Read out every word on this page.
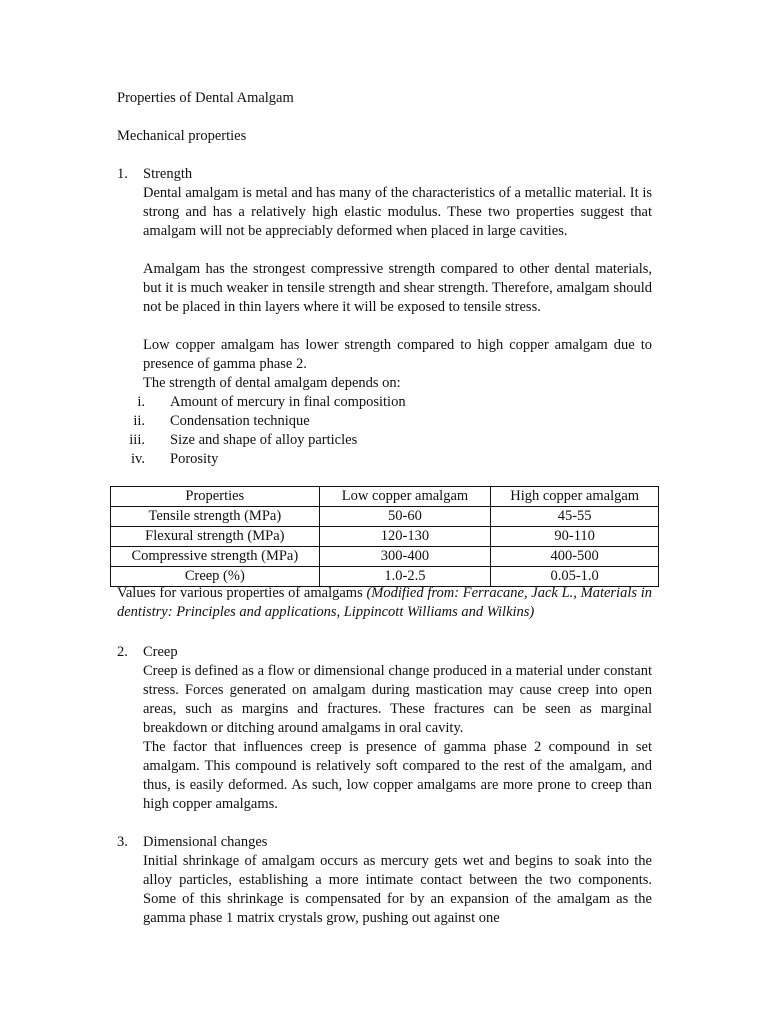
Properties of Dental Amalgam
Mechanical properties
1. Strength

Dental amalgam is metal and has many of the characteristics of a metallic material. It is strong and has a relatively high elastic modulus. These two properties suggest that amalgam will not be appreciably deformed when placed in large cavities.

Amalgam has the strongest compressive strength compared to other dental materials, but it is much weaker in tensile strength and shear strength. Therefore, amalgam should not be placed in thin layers where it will be exposed to tensile stress.

Low copper amalgam has lower strength compared to high copper amalgam due to presence of gamma phase 2.

The strength of dental amalgam depends on:

i. Amount of mercury in final composition
ii. Condensation technique
iii. Size and shape of alloy particles
iv. Porosity
Properties	Low copper amalgam	High copper amalgam
Tensile strength (MPa)	50-60	45-55
Flexural strength (MPa)	120-130	90-110
Compressive strength (MPa)	300-400	400-500
Creep (%)	1.0-2.5	0.05-1.0

Values for various properties of amalgams (Modified from: Ferracane, Jack L., Materials in dentistry: Principles and applications, Lippincott Williams and Wilkins)

2. Creep

Creep is defined as a flow or dimensional change produced in a material under constant stress. Forces generated on amalgam during mastication may cause creep into open areas, such as margins and fractures. These fractures can be seen as marginal breakdown or ditching around amalgams in oral cavity.

The factor that influences creep is presence of gamma phase 2 compound in set amalgam. This compound is relatively soft compared to the rest of the amalgam, and thus, is easily deformed. As such, low copper amalgams are more prone to creep than high copper amalgams.

3. Dimensional changes

Initial shrinkage of amalgam occurs as mercury gets wet and begins to soak into the alloy particles, establishing a more intimate contact between the two components. Some of this shrinkage is compensated for by an expansion of the amalgam as the gamma phase 1 matrix crystals grow, pushing out against one
